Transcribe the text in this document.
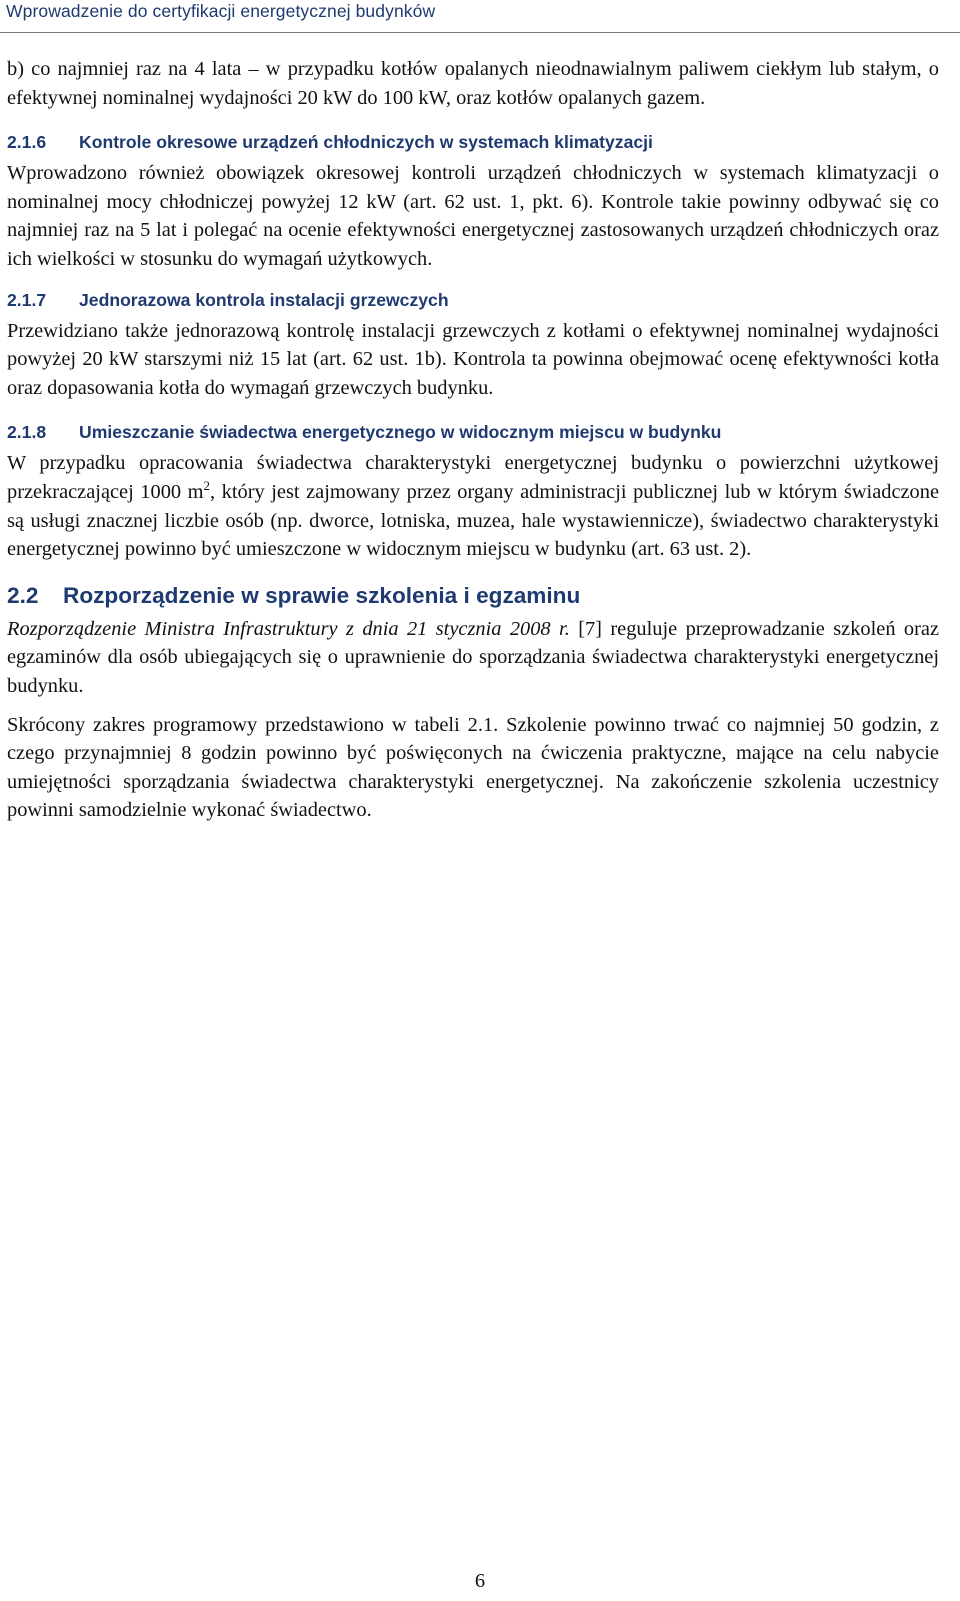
Wprowadzenie do certyfikacji energetycznej budynków

b) co najmniej raz na 4 lata – w przypadku kotłów opalanych nieodnawialnym paliwem ciekłym lub stałym, o efektywnej nominalnej wydajności 20 kW do 100 kW, oraz kotłów opalanych gazem.

2.1.6 Kontrole okresowe urządzeń chłodniczych w systemach klimatyzacji

Wprowadzono również obowiązek okresowej kontroli urządzeń chłodniczych w systemach klimatyzacji o nominalnej mocy chłodniczej powyżej 12 kW (art. 62 ust. 1, pkt. 6). Kontrole takie powinny odbywać się co najmniej raz na 5 lat i polegać na ocenie efektywności energetycznej zastosowanych urządzeń chłodniczych oraz ich wielkości w stosunku do wymagań użytkowych.

2.1.7 Jednorazowa kontrola instalacji grzewczych

Przewidziano także jednorazową kontrolę instalacji grzewczych z kotłami o efektywnej nominalnej wydajności powyżej 20 kW starszymi niż 15 lat (art. 62 ust. 1b). Kontrola ta powinna obejmować ocenę efektywności kotła oraz dopasowania kotła do wymagań grzewczych budynku.

2.1.8 Umieszczanie świadectwa energetycznego w widocznym miejscu w budynku

W przypadku opracowania świadectwa charakterystyki energetycznej budynku o powierzchni użytkowej przekraczającej 1000 $m^2$, który jest zajmowany przez organy administracji publicznej lub w którym świadczone są usługi znacznej liczbie osób (np. dworce, lotniska, muzea, hale wystawiennicze), świadectwo charakterystyki energetycznej powinno być umieszczone w widocznym miejscu w budynku (art. 63 ust. 2).

2.2 Rozporządzenie w sprawie szkolenia i egzaminu

Rozporządzenie Ministra Infrastruktury z dnia 21 stycznia 2008 r. [7] reguluje przeprowadzanie szkoleń oraz egzaminów dla osób ubiegających się o uprawnienie do sporządzania świadectwa charakterystyki energetycznej budynku.

Skrócony zakres programowy przedstawiono w tabeli 2.1. Szkolenie powinno trwać co najmniej 50 godzin, z czego przynajmniej 8 godzin powinno być poświęconych na ćwiczenia praktyczne, mające na celu nabycie umiejętności sporządzania świadectwa charakterystyki energetycznej. Na zakończenie szkolenia uczestnicy powinni samodzielnie wykonać świadectwo.

6
